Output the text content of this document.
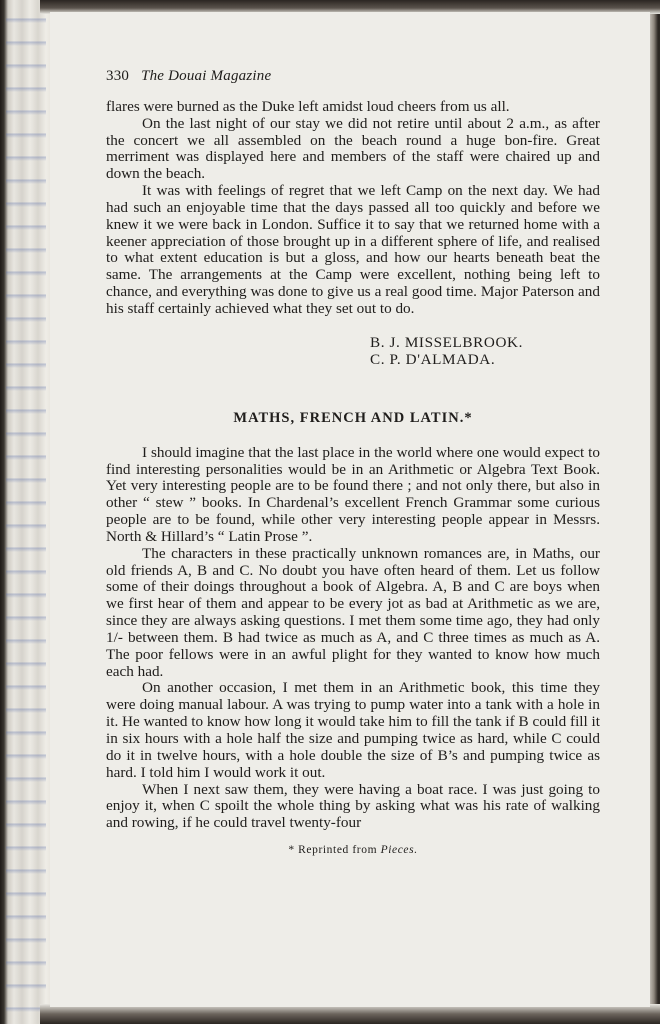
330 The Douai Magazine

flares were burned as the Duke left amidst loud cheers from us all.

On the last night of our stay we did not retire until about 2 a.m., as after the concert we all assembled on the beach round a huge bon-fire. Great merriment was displayed here and members of the staff were chaired up and down the beach.

It was with feelings of regret that we left Camp on the next day. We had had such an enjoyable time that the days passed all too quickly and before we knew it we were back in London. Suffice it to say that we returned home with a keener appreciation of those brought up in a different sphere of life, and realised to what extent education is but a gloss, and how our hearts beneath beat the same. The arrangements at the Camp were excellent, nothing being left to chance, and everything was done to give us a real good time. Major Paterson and his staff certainly achieved what they set out to do.

B. J. MISSELBROOK.
C. P. D'ALMADA.
MATHS, FRENCH AND LATIN.*

I should imagine that the last place in the world where one would expect to find interesting personalities would be in an Arithmetic or Algebra Text Book. Yet very interesting people are to be found there ; and not only there, but also in other “ stew ” books. In Chardenal’s excellent French Grammar some curious people are to be found, while other very interesting people appear in Messrs. North & Hillard’s “ Latin Prose ”.

The characters in these practically unknown romances are, in Maths, our old friends A, B and C. No doubt you have often heard of them. Let us follow some of their doings throughout a book of Algebra. A, B and C are boys when we first hear of them and appear to be every jot as bad at Arithmetic as we are, since they are always asking questions. I met them some time ago, they had only 1/- between them. B had twice as much as A, and C three times as much as A. The poor fellows were in an awful plight for they wanted to know how much each had.

On another occasion, I met them in an Arithmetic book, this time they were doing manual labour. A was trying to pump water into a tank with a hole in it. He wanted to know how long it would take him to fill the tank if B could fill it in six hours with a hole half the size and pumping twice as hard, while C could do it in twelve hours, with a hole double the size of B’s and pumping twice as hard. I told him I would work it out.

When I next saw them, they were having a boat race. I was just going to enjoy it, when C spoilt the whole thing by asking what was his rate of walking and rowing, if he could travel twenty-four

* Reprinted from Pieces.
